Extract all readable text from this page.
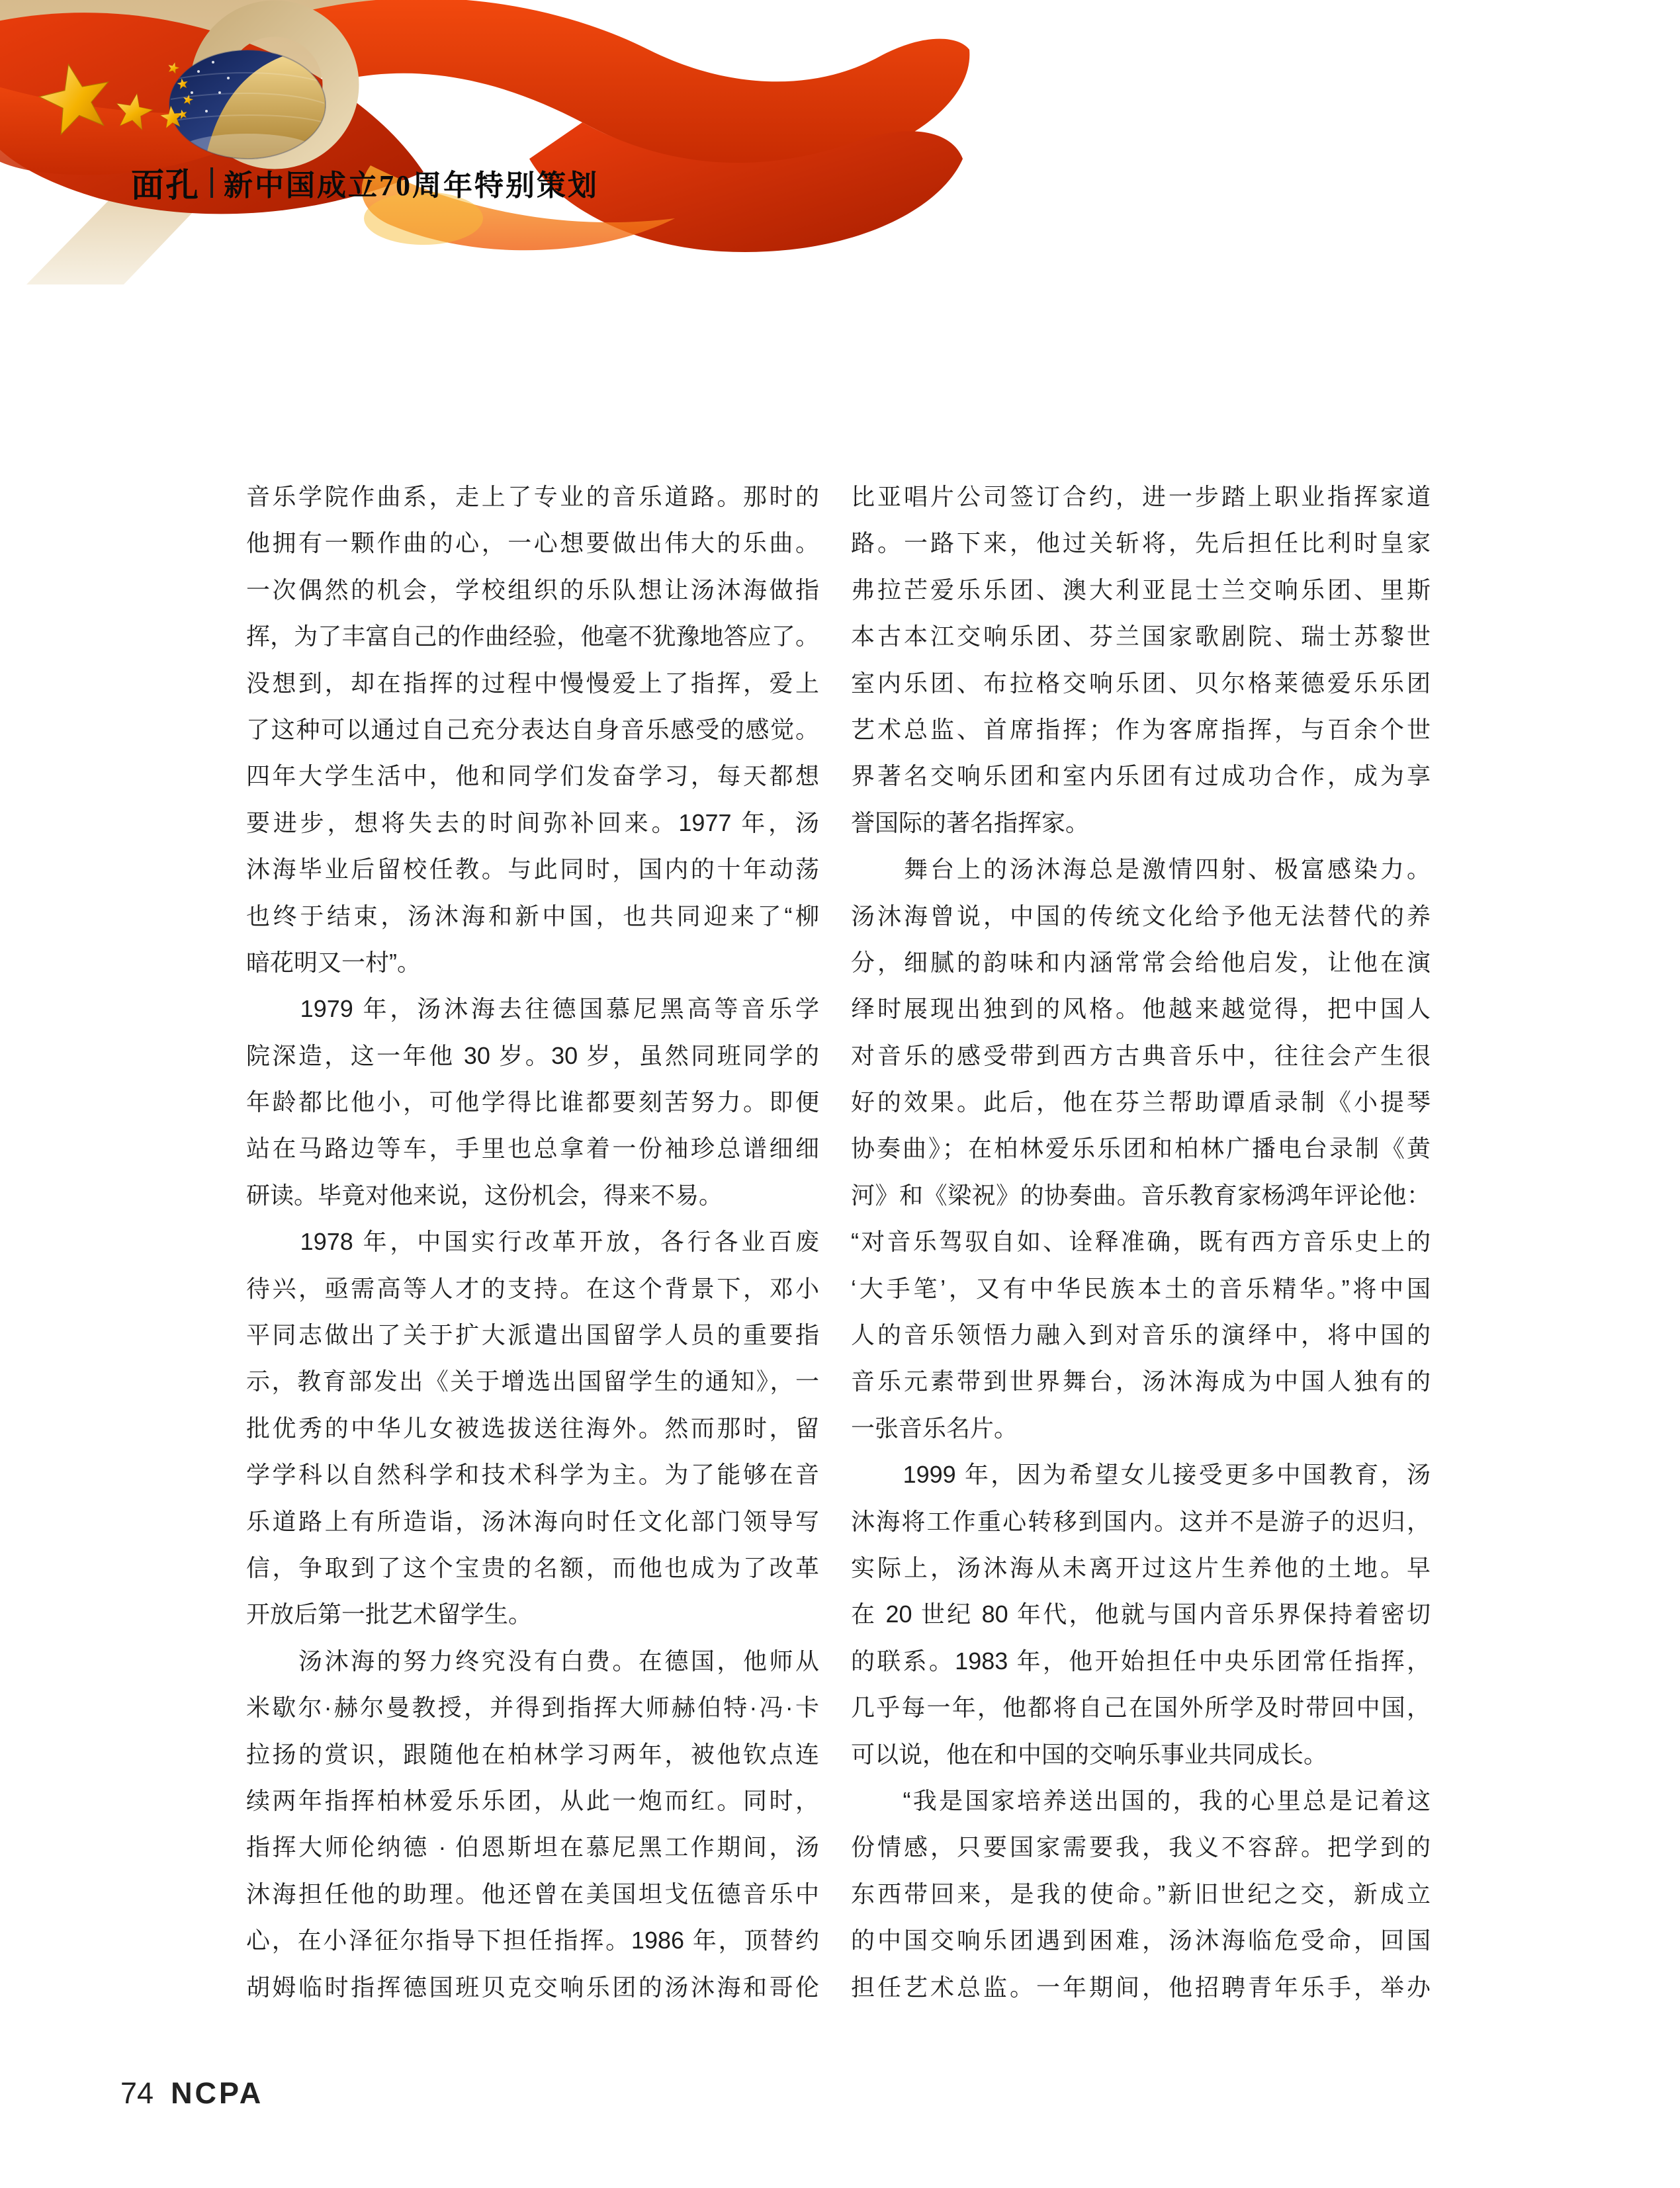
面孔 新中国成立70周年特别策划
音乐学院作曲系，走上了专业的音乐道路。那时的
他拥有一颗作曲的心，一心想要做出伟大的乐曲。
一次偶然的机会，学校组织的乐队想让汤沐海做指
挥，为了丰富自己的作曲经验，他毫不犹豫地答应了。
没想到，却在指挥的过程中慢慢爱上了指挥，爱上
了这种可以通过自己充分表达自身音乐感受的感觉。
四年大学生活中，他和同学们发奋学习，每天都想
要进步，想将失去的时间弥补回来。1977 年，汤
沐海毕业后留校任教。与此同时，国内的十年动荡
也终于结束，汤沐海和新中国，也共同迎来了“柳
暗花明又一村”。
　　1979 年，汤沐海去往德国慕尼黑高等音乐学
院深造，这一年他 30 岁。30 岁，虽然同班同学的
年龄都比他小，可他学得比谁都要刻苦努力。即便
站在马路边等车，手里也总拿着一份袖珍总谱细细
研读。毕竟对他来说，这份机会，得来不易。
　　1978 年，中国实行改革开放，各行各业百废
待兴，亟需高等人才的支持。在这个背景下，邓小
平同志做出了关于扩大派遣出国留学人员的重要指
示，教育部发出《关于增选出国留学生的通知》，一
批优秀的中华儿女被选拔送往海外。然而那时，留
学学科以自然科学和技术科学为主。为了能够在音
乐道路上有所造诣，汤沐海向时任文化部门领导写
信，争取到了这个宝贵的名额，而他也成为了改革
开放后第一批艺术留学生。
　　汤沐海的努力终究没有白费。在德国，他师从
米歇尔·赫尔曼教授，并得到指挥大师赫伯特·冯·卡
拉扬的赏识，跟随他在柏林学习两年，被他钦点连
续两年指挥柏林爱乐乐团，从此一炮而红。同时，
指挥大师伦纳德 · 伯恩斯坦在慕尼黑工作期间，汤
沐海担任他的助理。他还曾在美国坦戈伍德音乐中
心，在小泽征尔指导下担任指挥。1986 年，顶替约
胡姆临时指挥德国班贝克交响乐团的汤沐海和哥伦
比亚唱片公司签订合约，进一步踏上职业指挥家道
路。一路下来，他过关斩将，先后担任比利时皇家
弗拉芒爱乐乐团、澳大利亚昆士兰交响乐团、里斯
本古本江交响乐团、芬兰国家歌剧院、瑞士苏黎世
室内乐团、布拉格交响乐团、贝尔格莱德爱乐乐团
艺术总监、首席指挥；作为客席指挥，与百余个世
界著名交响乐团和室内乐团有过成功合作，成为享
誉国际的著名指挥家。
　　舞台上的汤沐海总是激情四射、极富感染力。
汤沐海曾说，中国的传统文化给予他无法替代的养
分，细腻的韵味和内涵常常会给他启发，让他在演
绎时展现出独到的风格。他越来越觉得，把中国人
对音乐的感受带到西方古典音乐中，往往会产生很
好的效果。此后，他在芬兰帮助谭盾录制《小提琴
协奏曲》；在柏林爱乐乐团和柏林广播电台录制《黄
河》和《梁祝》的协奏曲。音乐教育家杨鸿年评论他：
“对音乐驾驭自如、诠释准确，既有西方音乐史上的
‘大手笔’，又有中华民族本土的音乐精华。”将中国
人的音乐领悟力融入到对音乐的演绎中，将中国的
音乐元素带到世界舞台，汤沐海成为中国人独有的
一张音乐名片。
　　1999 年，因为希望女儿接受更多中国教育，汤
沐海将工作重心转移到国内。这并不是游子的迟归，
实际上，汤沐海从未离开过这片生养他的土地。早
在 20 世纪 80 年代，他就与国内音乐界保持着密切
的联系。1983 年，他开始担任中央乐团常任指挥，
几乎每一年，他都将自己在国外所学及时带回中国，
可以说，他在和中国的交响乐事业共同成长。
　　“我是国家培养送出国的，我的心里总是记着这
份情感，只要国家需要我，我义不容辞。把学到的
东西带回来，是我的使命。”新旧世纪之交，新成立
的中国交响乐团遇到困难，汤沐海临危受命，回国
担任艺术总监。一年期间，他招聘青年乐手，举办
74 NCPA
